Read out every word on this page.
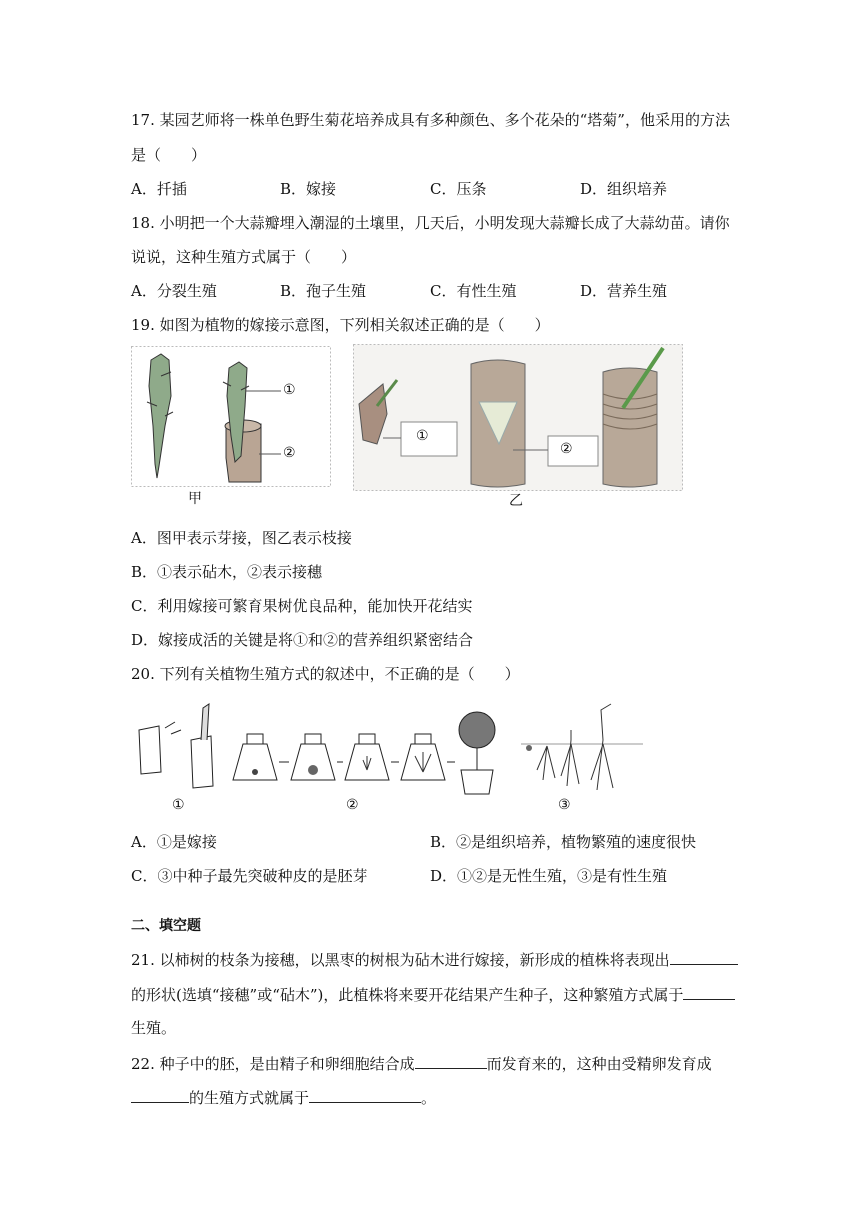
17. 某园艺师将一株单色野生菊花培养成具有多种颜色、多个花朵的“塔菊”，他采用的方法
是（　　）
A．扦插	B．嫁接	C．压条	D．组织培养
18. 小明把一个大蒜瓣埋入潮湿的土壤里，几天后，小明发现大蒜瓣长成了大蒜幼苗。请你
说说，这种生殖方式属于（　　）
A．分裂生殖	B．孢子生殖	C．有性生殖	D．营养生殖
19. 如图为植物的嫁接示意图，下列相关叙述正确的是（　　）
①
②
甲
①
②
乙
A．图甲表示芽接，图乙表示枝接
B．①表示砧木，②表示接穗
C．利用嫁接可繁育果树优良品种，能加快开花结实
D．嫁接成活的关键是将①和②的营养组织紧密结合
20. 下列有关植物生殖方式的叙述中，不正确的是（　　）
①	②	③
A．①是嫁接	B．②是组织培养，植物繁殖的速度很快
C．③中种子最先突破种皮的是胚芽	D．①②是无性生殖，③是有性生殖
二、填空题
21. 以柿树的枝条为接穗，以黑枣的树根为砧木进行嫁接，新形成的植株将表现出
的形状(选填“接穗”或“砧木”)，此植株将来要开花结果产生种子，这种繁殖方式属于
生殖。
22. 种子中的胚，是由精子和卵细胞结合成	而发育来的，这种由受精卵发育成
的生殖方式就属于	。
